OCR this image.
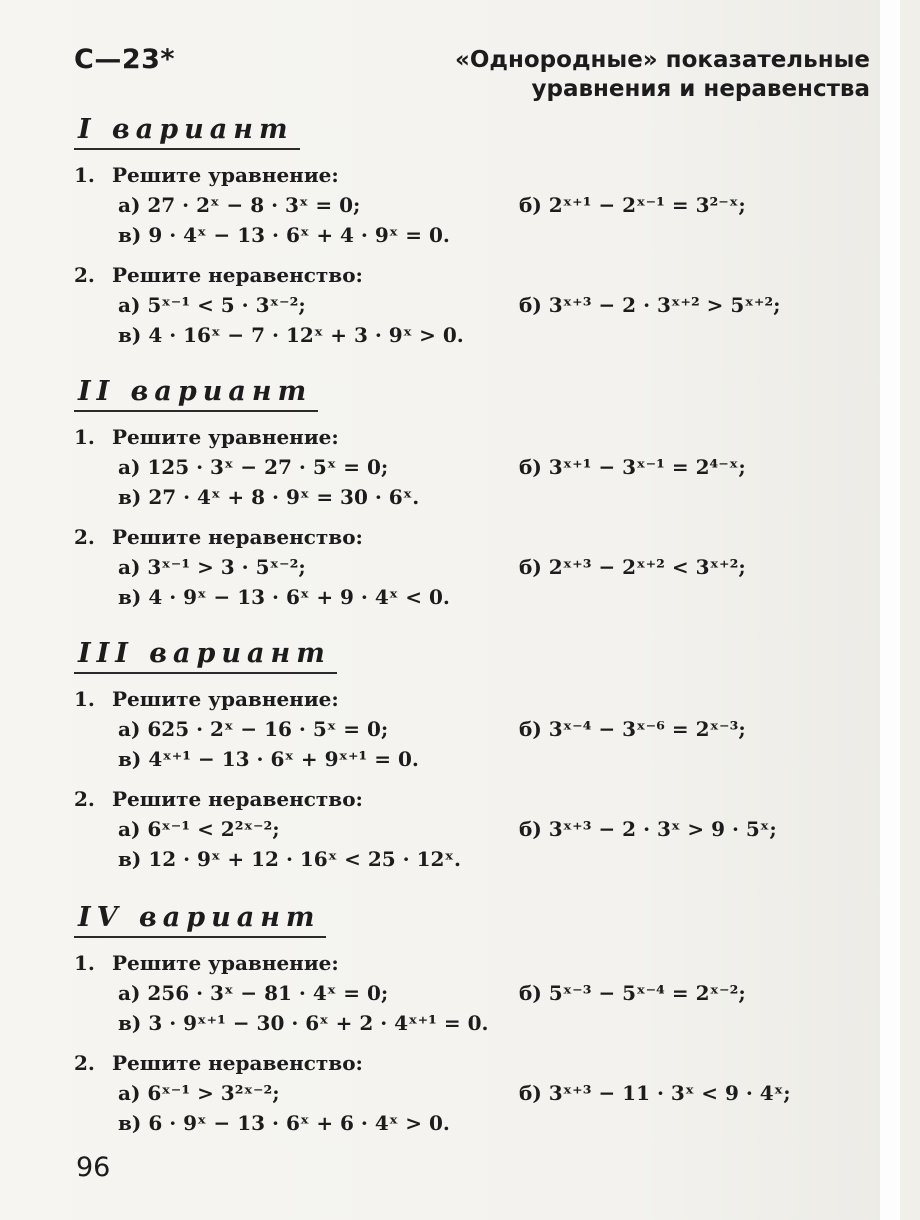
С—23*	«Однородные» показательные
уравнения и неравенства
I вариант
1. Решите уравнение:
а) 27 · 2ˣ − 8 · 3ˣ = 0;	б) 2ˣ⁺¹ − 2ˣ⁻¹ = 3²⁻ˣ;
в) 9 · 4ˣ − 13 · 6ˣ + 4 · 9ˣ = 0.
2. Решите неравенство:
а) 5ˣ⁻¹ < 5 · 3ˣ⁻²;	б) 3ˣ⁺³ − 2 · 3ˣ⁺² > 5ˣ⁺²;
в) 4 · 16ˣ − 7 · 12ˣ + 3 · 9ˣ > 0.
II вариант
1. Решите уравнение:
а) 125 · 3ˣ − 27 · 5ˣ = 0;	б) 3ˣ⁺¹ − 3ˣ⁻¹ = 2⁴⁻ˣ;
в) 27 · 4ˣ + 8 · 9ˣ = 30 · 6ˣ.
2. Решите неравенство:
а) 3ˣ⁻¹ > 3 · 5ˣ⁻²;	б) 2ˣ⁺³ − 2ˣ⁺² < 3ˣ⁺²;
в) 4 · 9ˣ − 13 · 6ˣ + 9 · 4ˣ < 0.
III вариант
1. Решите уравнение:
а) 625 · 2ˣ − 16 · 5ˣ = 0;	б) 3ˣ⁻⁴ − 3ˣ⁻⁶ = 2ˣ⁻³;
в) 4ˣ⁺¹ − 13 · 6ˣ + 9ˣ⁺¹ = 0.
2. Решите неравенство:
а) 6ˣ⁻¹ < 2²ˣ⁻²;	б) 3ˣ⁺³ − 2 · 3ˣ > 9 · 5ˣ;
в) 12 · 9ˣ + 12 · 16ˣ < 25 · 12ˣ.
IV вариант
1. Решите уравнение:
а) 256 · 3ˣ − 81 · 4ˣ = 0;	б) 5ˣ⁻³ − 5ˣ⁻⁴ = 2ˣ⁻²;
в) 3 · 9ˣ⁺¹ − 30 · 6ˣ + 2 · 4ˣ⁺¹ = 0.
2. Решите неравенство:
а) 6ˣ⁻¹ > 3²ˣ⁻²;	б) 3ˣ⁺³ − 11 · 3ˣ < 9 · 4ˣ;
в) 6 · 9ˣ − 13 · 6ˣ + 6 · 4ˣ > 0.
96
